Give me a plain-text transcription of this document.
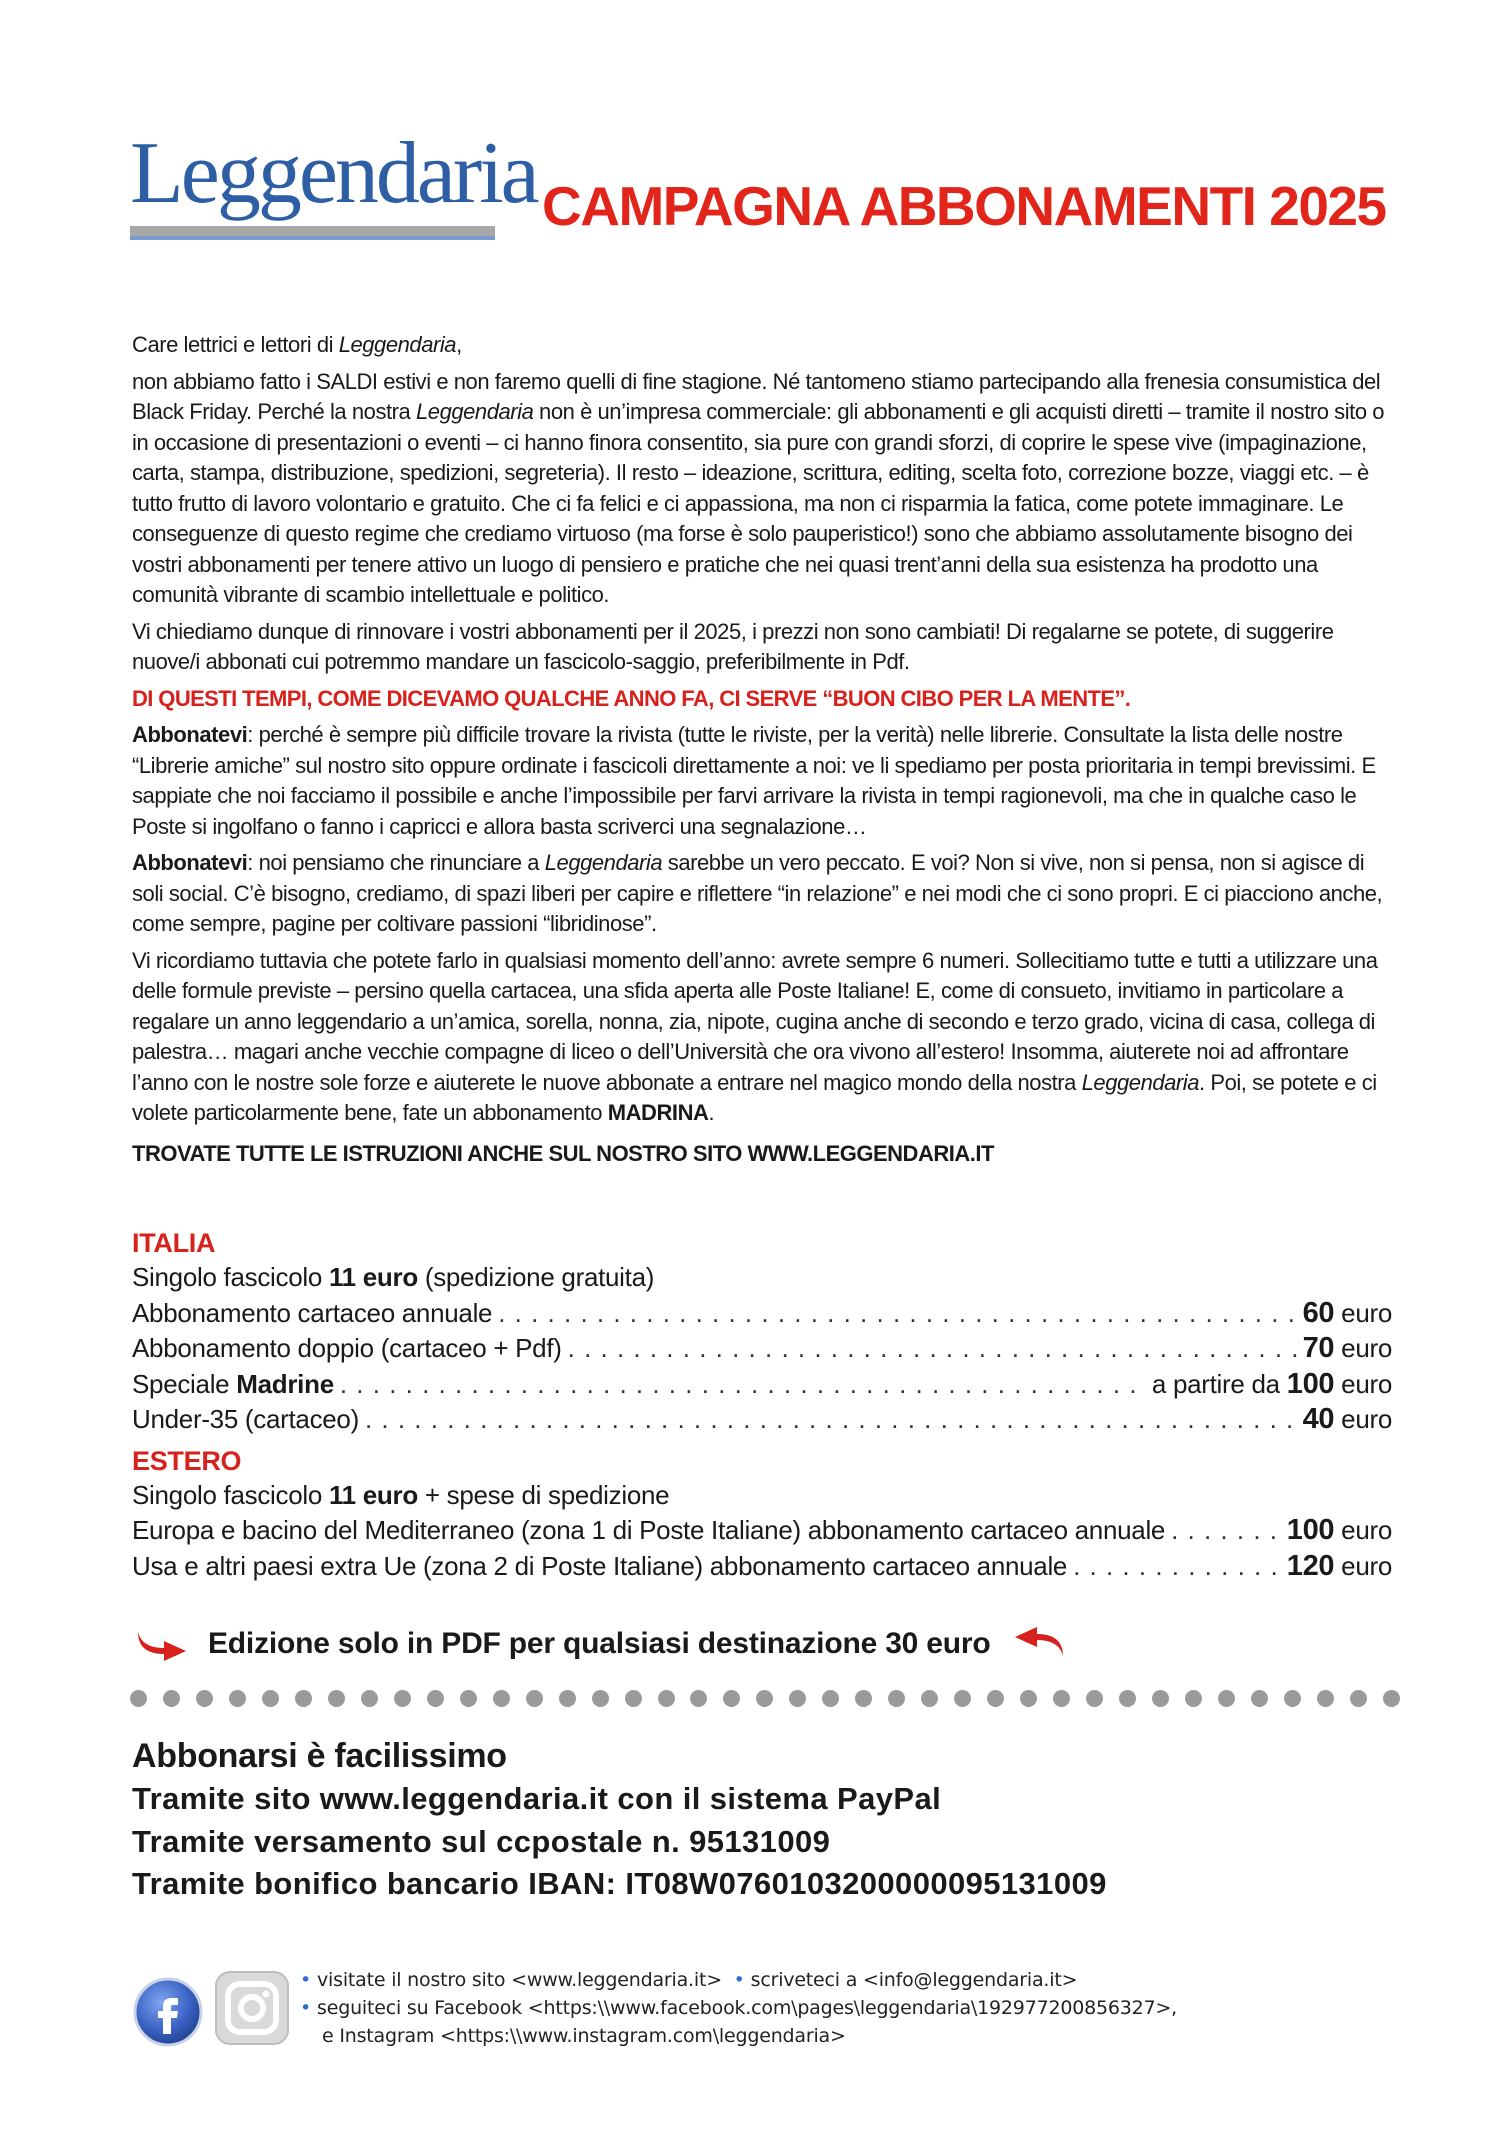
Leggendaria CAMPAGNA ABBONAMENTI 2025

Care lettrici e lettori di Leggendaria,

non abbiamo fatto i SALDI estivi e non faremo quelli di fine stagione. Né tantomeno stiamo partecipando alla frenesia consumistica del Black Friday. Perché la nostra Leggendaria non è un’impresa commerciale: gli abbonamenti e gli acquisti diretti – tramite il nostro sito o in occasione di presentazioni o eventi – ci hanno finora consentito, sia pure con grandi sforzi, di coprire le spese vive (impaginazione, carta, stampa, distribuzione, spedizioni, segreteria). Il resto – ideazione, scrittura, editing, scelta foto, correzione bozze, viaggi etc. – è tutto frutto di lavoro volontario e gratuito. Che ci fa felici e ci appassiona, ma non ci risparmia la fatica, come potete immaginare. Le conseguenze di questo regime che crediamo virtuoso (ma forse è solo pauperistico!) sono che abbiamo assolutamente bisogno dei vostri abbonamenti per tenere attivo un luogo di pensiero e pratiche che nei quasi trent’anni della sua esistenza ha prodotto una comunità vibrante di scambio intellettuale e politico.

Vi chiediamo dunque di rinnovare i vostri abbonamenti per il 2025, i prezzi non sono cambiati! Di regalarne se potete, di suggerire nuove/i abbonati cui potremmo mandare un fascicolo-saggio, preferibilmente in Pdf.

DI QUESTI TEMPI, COME DICEVAMO QUALCHE ANNO FA, CI SERVE “BUON CIBO PER LA MENTE”.

Abbonatevi: perché è sempre più difficile trovare la rivista (tutte le riviste, per la verità) nelle librerie. Consultate la lista delle nostre “Librerie amiche” sul nostro sito oppure ordinate i fascicoli direttamente a noi: ve li spediamo per posta prioritaria in tempi brevissimi. E sappiate che noi facciamo il possibile e anche l’impossibile per farvi arrivare la rivista in tempi ragionevoli, ma che in qualche caso le Poste si ingolfano o fanno i capricci e allora basta scriverci una segnalazione…

Abbonatevi: noi pensiamo che rinunciare a Leggendaria sarebbe un vero peccato. E voi? Non si vive, non si pensa, non si agisce di soli social. C’è bisogno, crediamo, di spazi liberi per capire e riflettere “in relazione” e nei modi che ci sono propri. E ci piacciono anche, come sempre, pagine per coltivare passioni “libridinose”.

Vi ricordiamo tuttavia che potete farlo in qualsiasi momento dell’anno: avrete sempre 6 numeri. Sollecitiamo tutte e tutti a utilizzare una delle formule previste – persino quella cartacea, una sfida aperta alle Poste Italiane! E, come di consueto, invitiamo in particolare a regalare un anno leggendario a un’amica, sorella, nonna, zia, nipote, cugina anche di secondo e terzo grado, vicina di casa, collega di palestra… magari anche vecchie compagne di liceo o dell’Università che ora vivono all’estero! Insomma, aiuterete noi ad affrontare l’anno con le nostre sole forze e aiuterete le nuove abbonate a entrare nel magico mondo della nostra Leggendaria. Poi, se potete e ci volete particolarmente bene, fate un abbonamento MADRINA.

TROVATE TUTTE LE ISTRUZIONI ANCHE SUL NOSTRO SITO WWW.LEGGENDARIA.IT

ITALIA
Singolo fascicolo 11 euro (spedizione gratuita)
Abbonamento cartaceo annuale . . .	60 euro
Abbonamento doppio (cartaceo + Pdf) . . .	70 euro
Speciale Madrine . . .	a partire da 100 euro
Under-35 (cartaceo) . . .	40 euro
ESTERO
Singolo fascicolo 11 euro + spese di spedizione
Europa e bacino del Mediterraneo (zona 1 di Poste Italiane) abbonamento cartaceo annuale . . .	100 euro
Usa e altri paesi extra Ue (zona 2 di Poste Italiane) abbonamento cartaceo annuale . . .	120 euro
Edizione solo in PDF per qualsiasi destinazione 30 euro
Abbonarsi è facilissimo
Tramite sito www.leggendaria.it con il sistema PayPal
Tramite versamento sul ccpostale n. 95131009
Tramite bonifico bancario IBAN: IT08W0760103200000095131009
• visitate il nostro sito <www.leggendaria.it> • scriveteci a <info@leggendaria.it>
• seguiteci su Facebook <https:\\www.facebook.com\pages\leggendaria\192977200856327>,
e Instagram <https:\\www.instagram.com\leggendaria>
